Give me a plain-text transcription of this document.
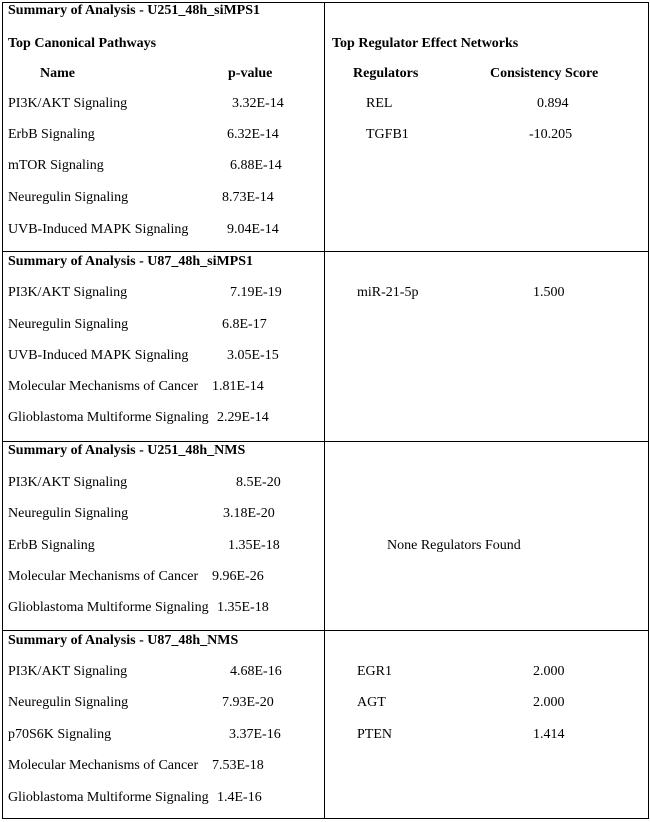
Summary of Analysis - U251_48h_siMPS1
Top Canonical Pathways	Top Regulator Effect Networks
Name	p-value	Regulators	Consistency Score
PI3K/AKT Signaling	3.32E-14
ErbB Signaling	6.32E-14
mTOR Signaling	6.88E-14
Neuregulin Signaling	8.73E-14
UVB-Induced MAPK Signaling	9.04E-14
REL	0.894
TGFB1	-10.205
Summary of Analysis - U87_48h_siMPS1
PI3K/AKT Signaling	7.19E-19
Neuregulin Signaling	6.8E-17
UVB-Induced MAPK Signaling	3.05E-15
Molecular Mechanisms of Cancer 1.81E-14
Glioblastoma Multiforme Signaling 2.29E-14
miR-21-5p	1.500
Summary of Analysis - U251_48h_NMS
PI3K/AKT Signaling	8.5E-20
Neuregulin Signaling	3.18E-20
ErbB Signaling	1.35E-18
Molecular Mechanisms of Cancer 9.96E-26
Glioblastoma Multiforme Signaling 1.35E-18
None Regulators Found
Summary of Analysis - U87_48h_NMS
PI3K/AKT Signaling	4.68E-16
Neuregulin Signaling	7.93E-20
p70S6K Signaling	3.37E-16
Molecular Mechanisms of Cancer 7.53E-18
Glioblastoma Multiforme Signaling 1.4E-16
EGR1	2.000
AGT	2.000
PTEN	1.414
